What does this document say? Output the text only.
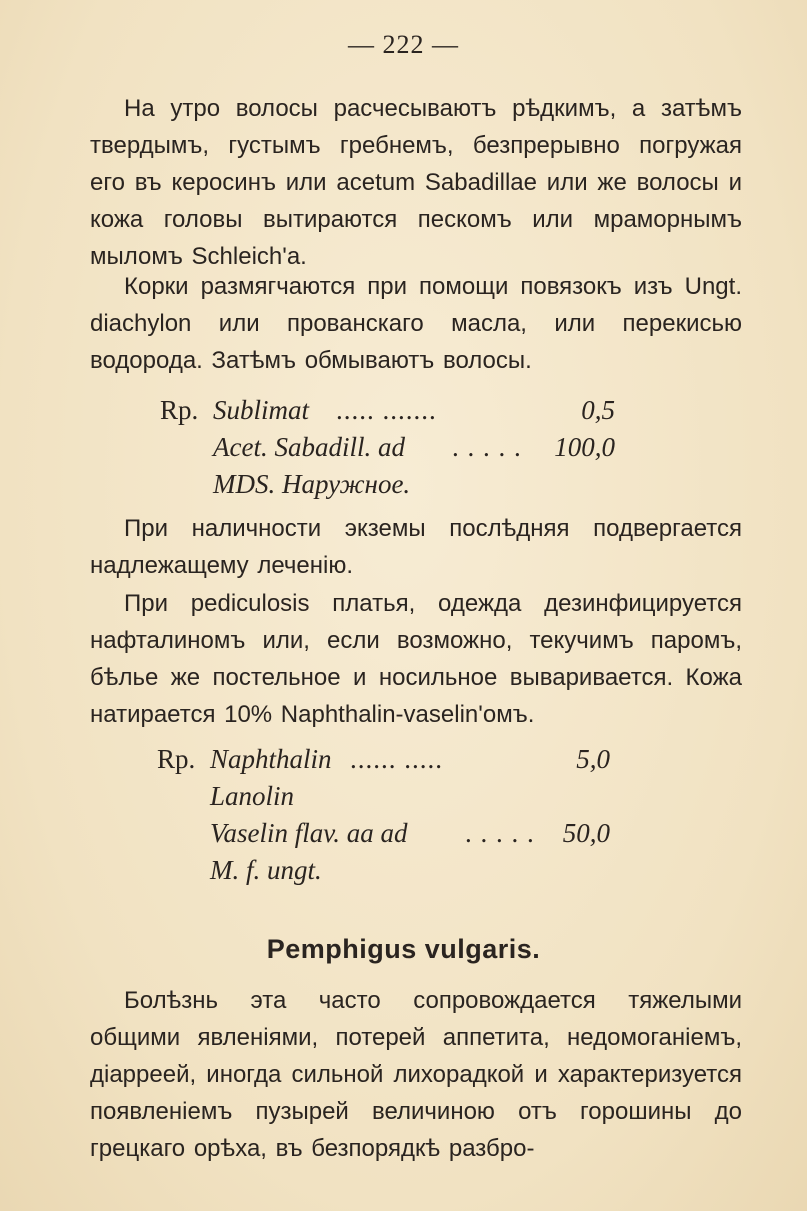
— 222 —
На утро волосы расчесываютъ рѣдкимъ, а затѣмъ твердымъ, густымъ гребнемъ, безпрерывно погружая его въ керосинъ или acetum Sabadillae или же волосы и кожа головы вытираются пескомъ или мраморнымъ мыломъ Schleich'a.
Корки размягчаются при помощи повязокъ изъ Ungt. diachylon или прованскаго масла, или перекисью водорода. Затѣмъ обмываютъ волосы.
Rp. Sublimat ..... .......	0,5
Acet. Sabadill. ad . . . . .	100,0
MDS. Наружное.
При наличности экземы послѣдняя подвергается надлежащему леченію.
При pediculosis платья, одежда дезинфицируется нафталиномъ или, если возможно, текучимъ паромъ, бѣлье же постельное и носильное вываривается. Кожа натирается 10% Naphthalin-vaselin'омъ.
Rp. Naphthalin ...... .....	5,0
Lanolin
Vaselin flav. aa ad . . . . .	50,0
M. f. ungt.
Pemphigus vulgaris.
Болѣзнь эта часто сопровождается тяжелыми общими явленіями, потерей аппетита, недомоганіемъ, діарреей, иногда сильной лихорадкой и характеризуется появленіемъ пузырей величиною отъ горошины до грецкаго орѣха, въ безпорядкѣ разбро-
